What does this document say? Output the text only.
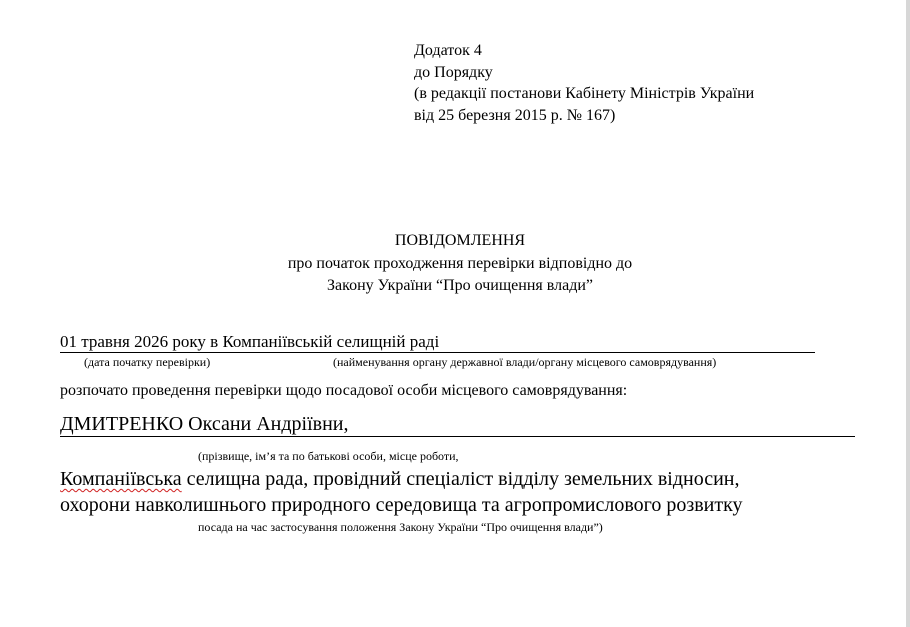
Додаток 4
до Порядку
(в редакції постанови Кабінету Міністрів України
від 25 березня 2015 р. № 167)
ПОВІДОМЛЕННЯ
про початок проходження перевірки відповідно до
Закону України “Про очищення влади”
01 травня 2026 року в Компаніївській селищній раді
(дата початку перевірки)	(найменування органу державної влади/органу місцевого самоврядування)
розпочато проведення перевірки щодо посадової особи місцевого самоврядування:
ДМИТРЕНКО Оксани Андріївни,
(прізвище, ім’я та по батькові особи, місце роботи,
Компаніївська селищна рада, провідний спеціаліст відділу земельних відносин,
охорони навколишнього природного середовища та агропромислового розвитку
посада на час застосування положення Закону України “Про очищення влади”)
